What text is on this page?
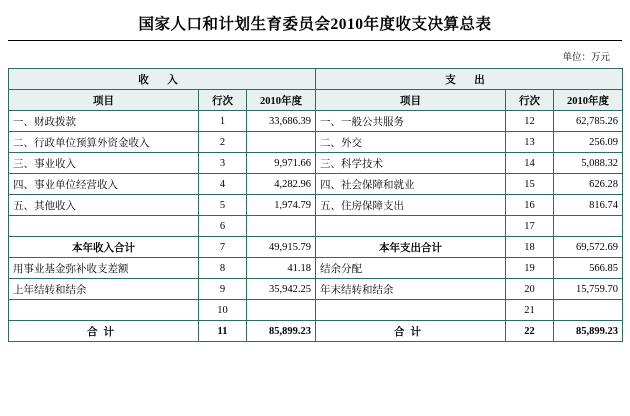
国家人口和计划生育委员会2010年度收支决算总表
单位：万元
收 入			支 出		
项目	行次	2010年度	项目	行次	2010年度
一、财政拨款	1	33,686.39	一、一般公共服务	12	62,785.26
二、行政单位预算外资金收入	2		二、外交	13	256.09
三、事业收入	3	9,971.66	三、科学技术	14	5,088.32
四、事业单位经营收入	4	4,282.96	四、社会保障和就业	15	626.28
五、其他收入	5	1,974.79	五、住房保障支出	16	816.74
	6			17	
本年收入合计	7	49,915.79	本年支出合计	18	69,572.69
用事业基金弥补收支差额	8	41.18	结余分配	19	566.85
上年结转和结余	9	35,942.25	年末结转和结余	20	15,759.70
	10			21	
合计	11	85,899.23	合计	22	85,899.23
